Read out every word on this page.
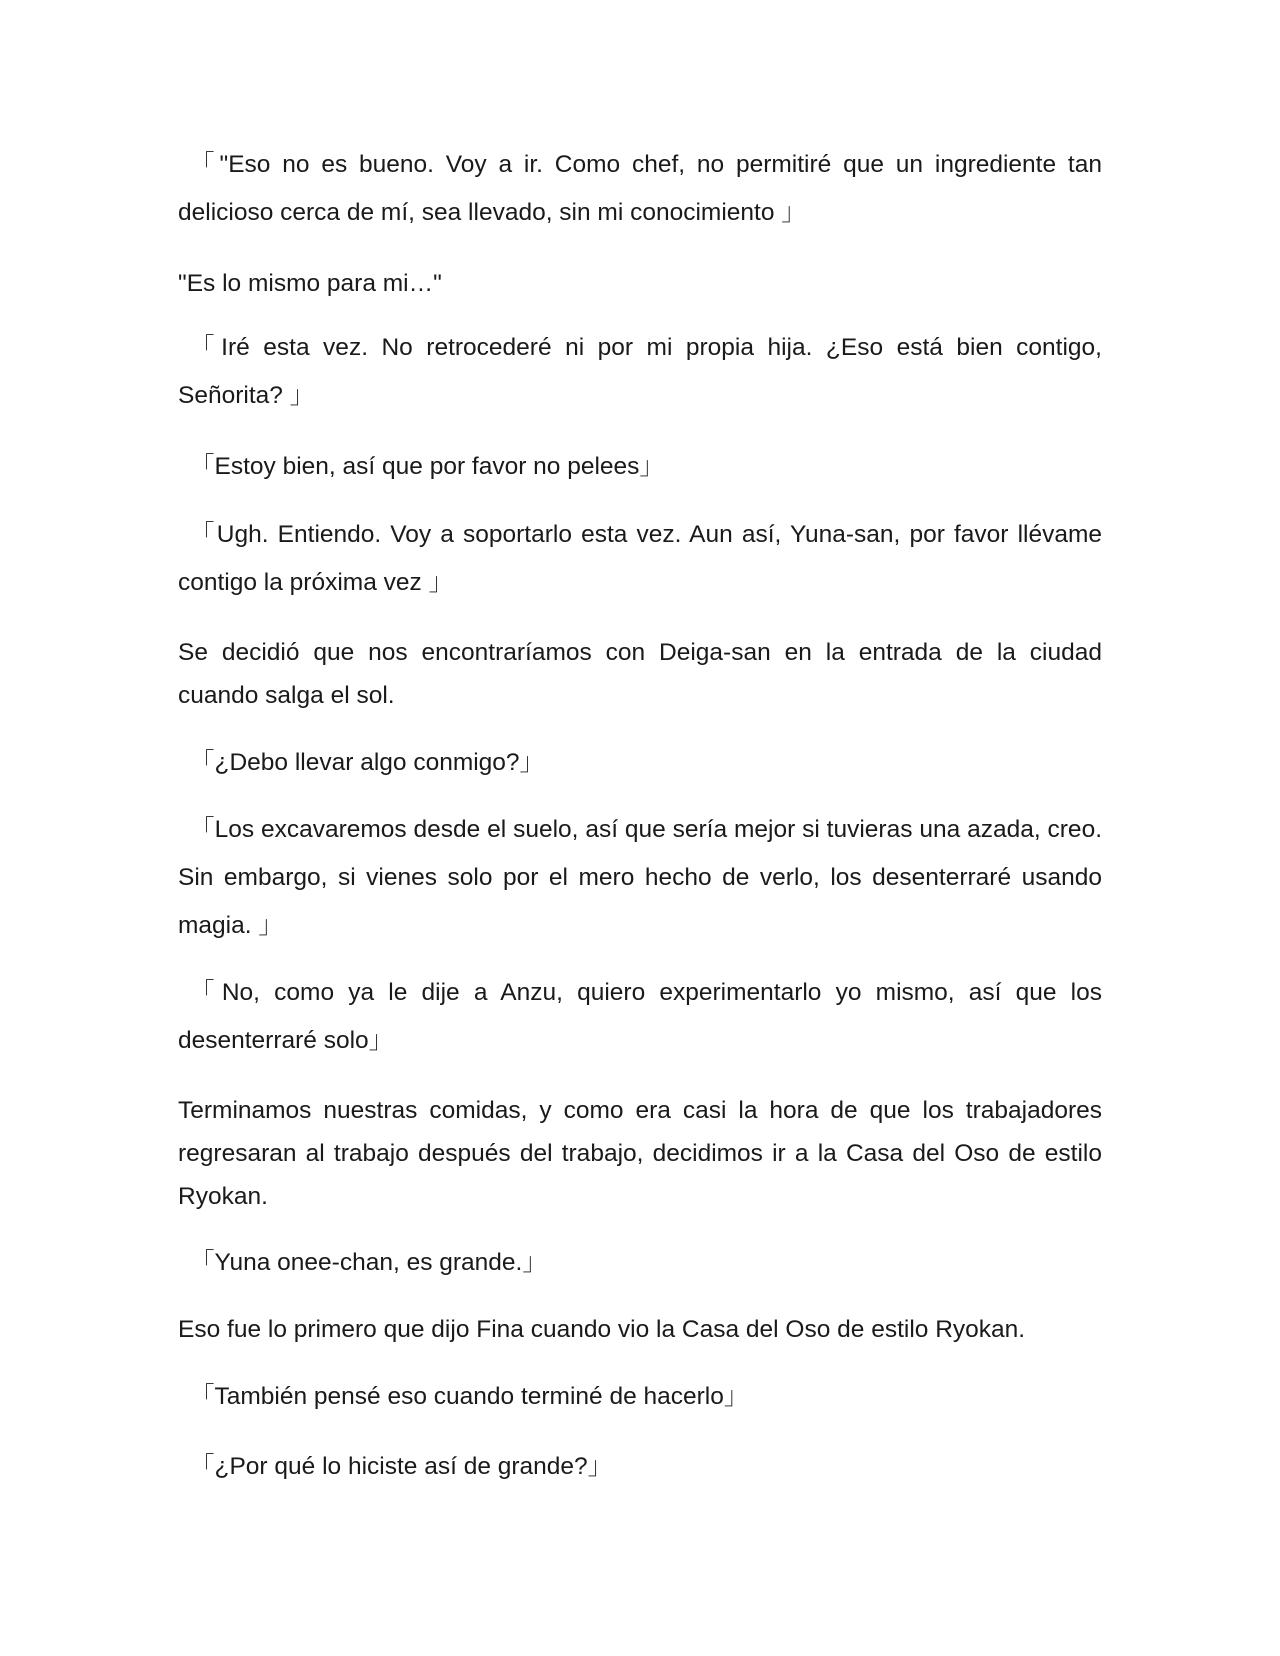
「"Eso no es bueno. Voy a ir. Como chef, no permitiré que un ingrediente tan delicioso cerca de mí, sea llevado, sin mi conocimiento 」

"Es lo mismo para mi…"

「Iré esta vez. No retrocederé ni por mi propia hija. ¿Eso está bien contigo, Señorita? 」

「Estoy bien, así que por favor no pelees」

「Ugh. Entiendo. Voy a soportarlo esta vez. Aun así, Yuna-san, por favor llévame contigo la próxima vez 」

Se decidió que nos encontraríamos con Deiga-san en la entrada de la ciudad cuando salga el sol.

「¿Debo llevar algo conmigo?」

「Los excavaremos desde el suelo, así que sería mejor si tuvieras una azada, creo. Sin embargo, si vienes solo por el mero hecho de verlo, los desenterraré usando magia. 」

「No, como ya le dije a Anzu, quiero experimentarlo yo mismo, así que los desenterraré solo」

Terminamos nuestras comidas, y como era casi la hora de que los trabajadores regresaran al trabajo después del trabajo, decidimos ir a la Casa del Oso de estilo Ryokan.

「Yuna onee-chan, es grande.」

Eso fue lo primero que dijo Fina cuando vio la Casa del Oso de estilo Ryokan.

「También pensé eso cuando terminé de hacerlo」

「¿Por qué lo hiciste así de grande?」
